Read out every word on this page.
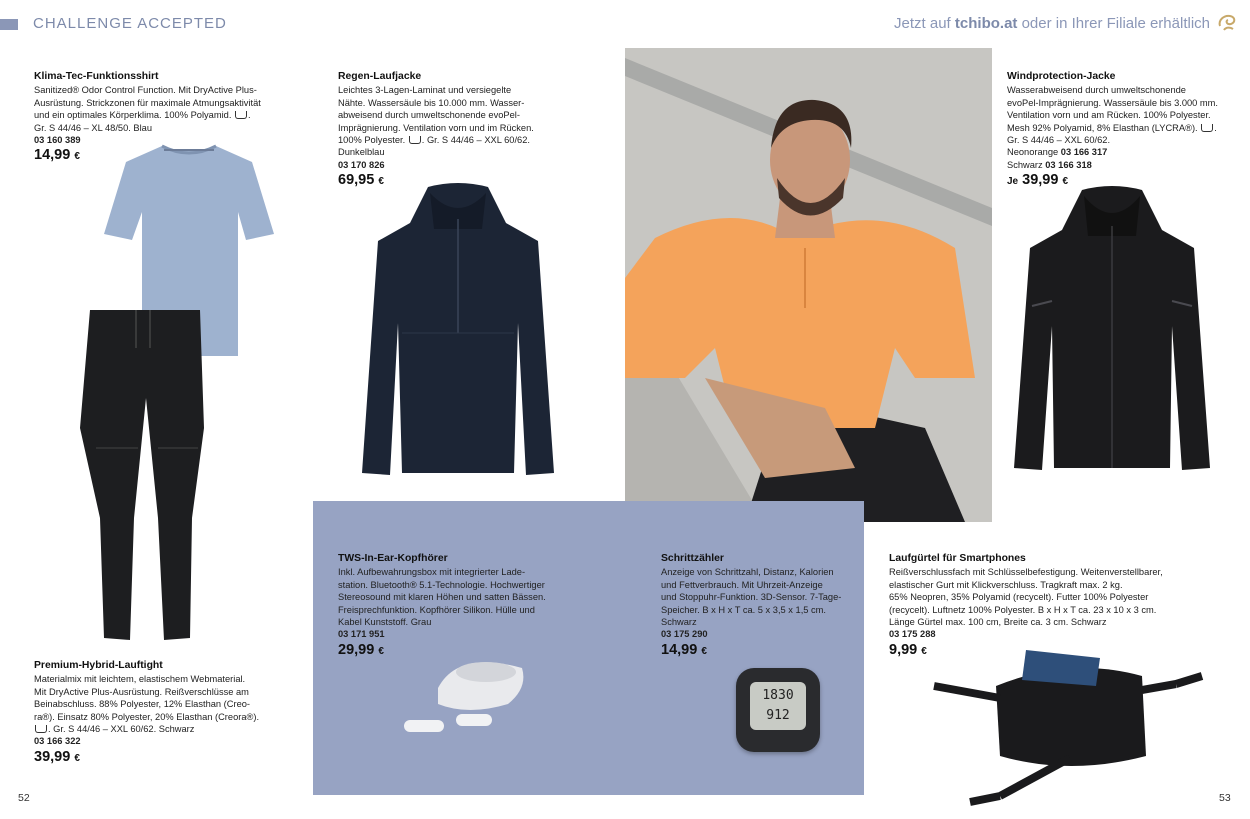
CHALLENGE ACCEPTED	Jetzt auf tchibo.at oder in Ihrer Filiale erhältlich
Klima-Tec-Funktionsshirt
Sanitized® Odor Control Function. Mit DryActive Plus-
Ausrüstung. Strickzonen für maximale Atmungsaktivität
und ein optimales Körperklima. 100% Polyamid. .
Gr. S 44/46 – XL 48/50. Blau
03 160 389
14,99 €
Premium-Hybrid-Lauftight
Materialmix mit leichtem, elastischem Webmaterial.
Mit DryActive Plus-Ausrüstung. Reißverschlüsse am
Beinabschluss. 88% Polyester, 12% Elasthan (Creo-
ra®). Einsatz 80% Polyester, 20% Elasthan (Creora®).
. Gr. S 44/46 – XXL 60/62. Schwarz
03 166 322
39,99 €
Regen-Laufjacke
Leichtes 3-Lagen-Laminat und versiegelte
Nähte. Wassersäule bis 10.000 mm. Wasser-
abweisend durch umweltschonende evoPel-
Imprägnierung. Ventilation vorn und im Rücken.
100% Polyester. . Gr. S 44/46 – XXL 60/62.
Dunkelblau
03 170 826
69,95 €
Windprotection-Jacke
Wasserabweisend durch umweltschonende
evoPel-Imprägnierung. Wassersäule bis 3.000 mm.
Ventilation vorn und am Rücken. 100% Polyester.
Mesh 92% Polyamid, 8% Elasthan (LYCRA®). .
Gr. S 44/46 – XXL 60/62.
Neonorange 03 166 317
Schwarz 03 166 318
Je 39,99 €
TWS-In-Ear-Kopfhörer
Inkl. Aufbewahrungsbox mit integrierter Lade-
station. Bluetooth® 5.1-Technologie. Hochwertiger
Stereosound mit klaren Höhen und satten Bässen.
Freisprechfunktion. Kopfhörer Silikon. Hülle und
Kabel Kunststoff. Grau
03 171 951
29,99 €
Schrittzähler
Anzeige von Schrittzahl, Distanz, Kalorien
und Fettverbrauch. Mit Uhrzeit-Anzeige
und Stoppuhr-Funktion. 3D-Sensor. 7-Tage-
Speicher. B x H x T ca. 5 x 3,5 x 1,5 cm.
Schwarz
03 175 290
14,99 €
1830
912
Laufgürtel für Smartphones
Reißverschlussfach mit Schlüsselbefestigung. Weitenverstellbarer,
elastischer Gurt mit Klickverschluss. Tragkraft max. 2 kg.
65% Neopren, 35% Polyamid (recycelt). Futter 100% Polyester
(recycelt). Luftnetz 100% Polyester. B x H x T ca. 23 x 10 x 3 cm.
Länge Gürtel max. 100 cm, Breite ca. 3 cm. Schwarz
03 175 288
9,99 €
52	53
